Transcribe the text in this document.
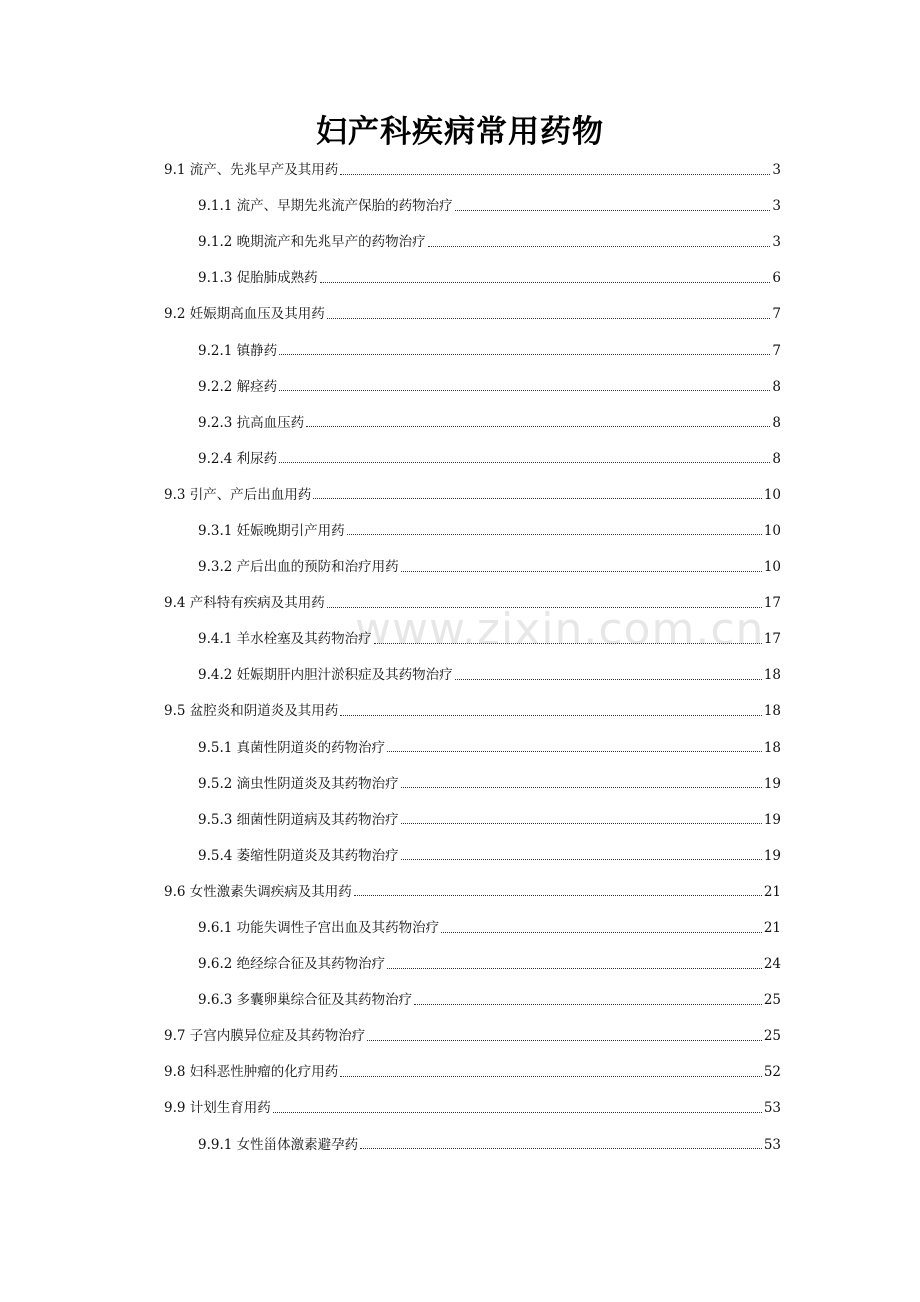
妇产科疾病常用药物
9.1 流产、先兆早产及其用药	3
9.1.1 流产、早期先兆流产保胎的药物治疗	3
9.1.2 晚期流产和先兆早产的药物治疗	3
9.1.3 促胎肺成熟药	6
9.2 妊娠期高血压及其用药	7
9.2.1 镇静药	7
9.2.2 解痉药	8
9.2.3 抗高血压药	8
9.2.4 利尿药	8
9.3 引产、产后出血用药	10
9.3.1 妊娠晚期引产用药	10
9.3.2 产后出血的预防和治疗用药	10
9.4 产科特有疾病及其用药	17
9.4.1 羊水栓塞及其药物治疗	17
9.4.2 妊娠期肝内胆汁淤积症及其药物治疗	18
9.5 盆腔炎和阴道炎及其用药	18
9.5.1 真菌性阴道炎的药物治疗	18
9.5.2 滴虫性阴道炎及其药物治疗	19
9.5.3 细菌性阴道病及其药物治疗	19
9.5.4 萎缩性阴道炎及其药物治疗	19
9.6 女性激素失调疾病及其用药	21
9.6.1 功能失调性子宫出血及其药物治疗	21
9.6.2 绝经综合征及其药物治疗	24
9.6.3 多囊卵巢综合征及其药物治疗	25
9.7 子宫内膜异位症及其药物治疗	25
9.8 妇科恶性肿瘤的化疗用药	52
9.9 计划生育用药	53
9.9.1 女性甾体激素避孕药	53
www.zixin.com.cn
